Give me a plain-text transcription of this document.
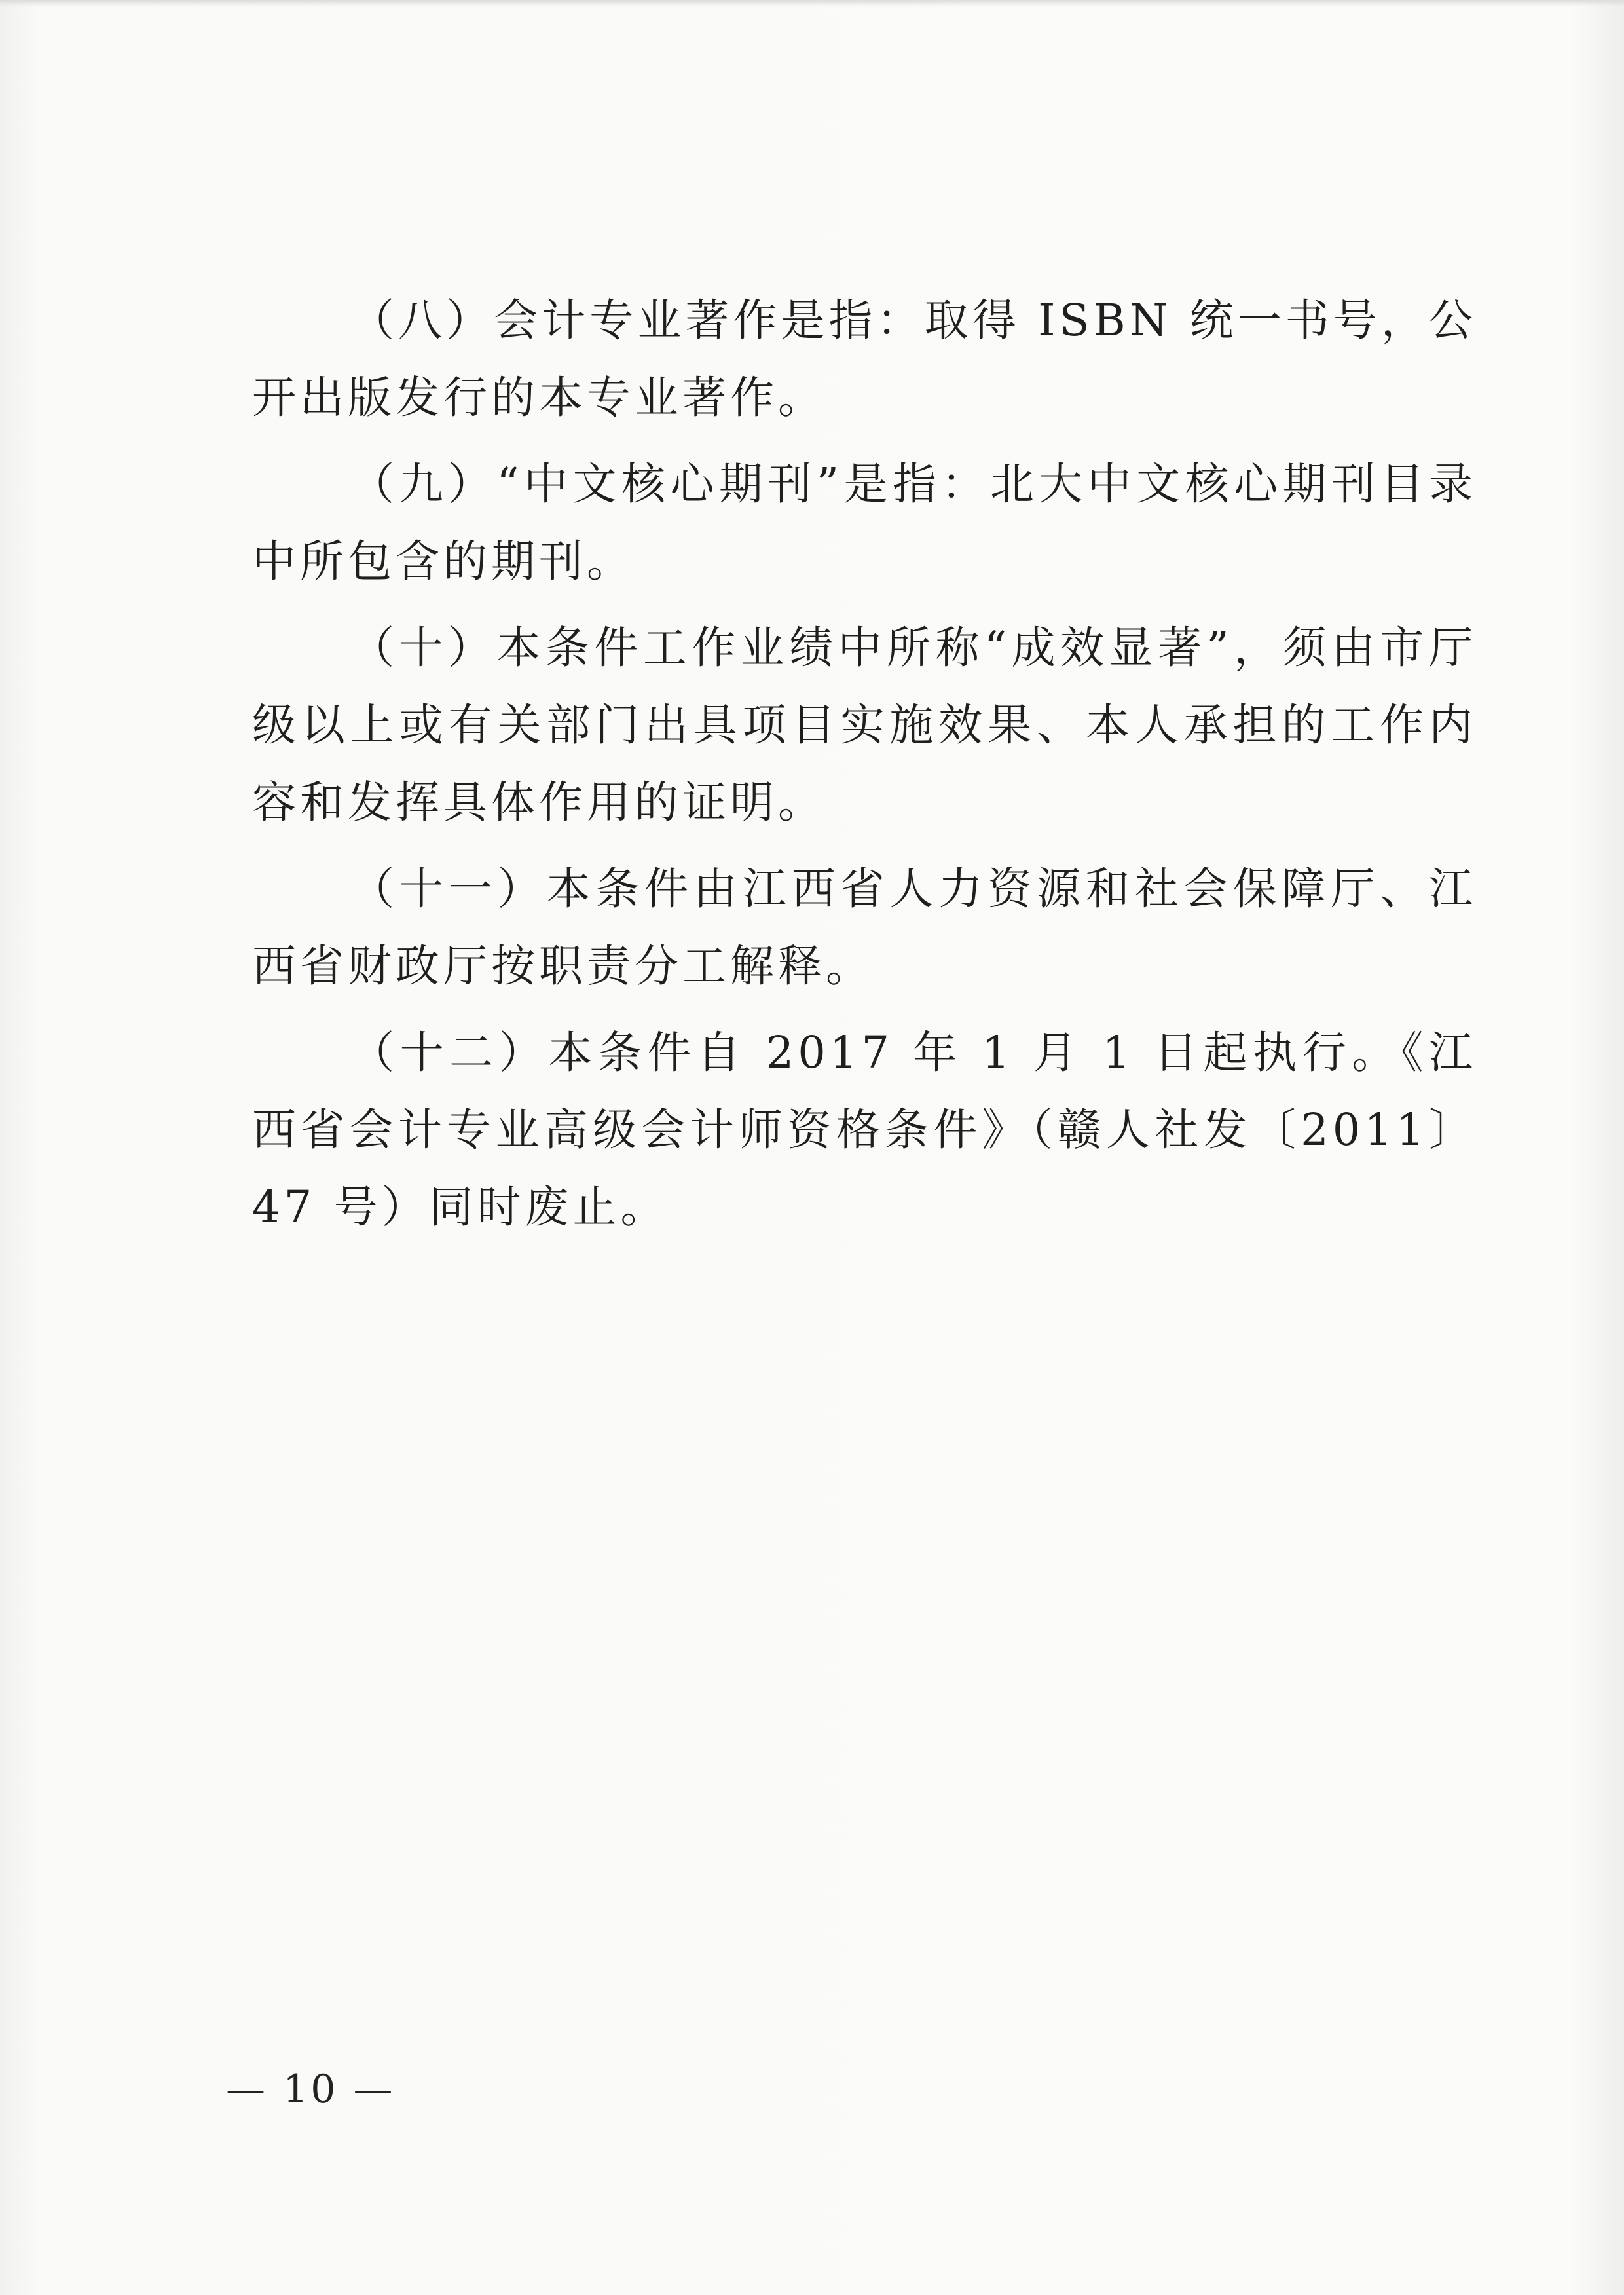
（八）会计专业著作是指：取得 ISBN 统一书号，公开出版发行的本专业著作。

（九）“中文核心期刊”是指：北大中文核心期刊目录中所包含的期刊。

（十）本条件工作业绩中所称“成效显著”，须由市厅级以上或有关部门出具项目实施效果、本人承担的工作内容和发挥具体作用的证明。

（十一）本条件由江西省人力资源和社会保障厅、江西省财政厅按职责分工解释。

（十二）本条件自 2017 年 1 月 1 日起执行。《江西省会计专业高级会计师资格条件》（赣人社发〔2011〕47 号）同时废止。

— 10 —
